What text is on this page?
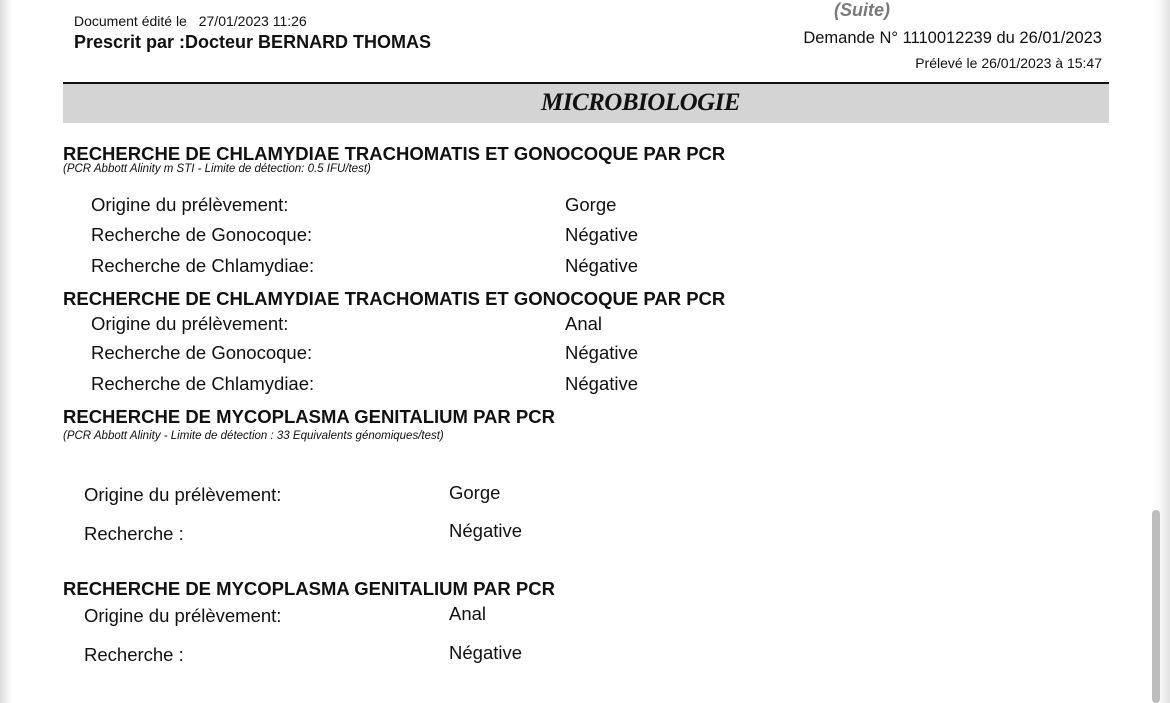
Document édité le 27/01/2023 11:26
Prescrit par :Docteur BERNARD THOMAS
(Suite)
Demande N° 1110012239 du 26/01/2023
Prélevé le 26/01/2023 à 15:47
MICROBIOLOGIE
RECHERCHE DE CHLAMYDIAE TRACHOMATIS ET GONOCOQUE PAR PCR
(PCR Abbott Alinity m STI - Limite de détection: 0.5 IFU/test)
Origine du prélèvement:	Gorge
Recherche de Gonocoque:	Négative
Recherche de Chlamydiae:	Négative
RECHERCHE DE CHLAMYDIAE TRACHOMATIS ET GONOCOQUE PAR PCR
Origine du prélèvement:	Anal
Recherche de Gonocoque:	Négative
Recherche de Chlamydiae:	Négative
RECHERCHE DE MYCOPLASMA GENITALIUM PAR PCR
(PCR Abbott Alinity - Limite de détection : 33 Equivalents génomiques/test)
Origine du prélèvement:	Gorge
Recherche :	Négative
RECHERCHE DE MYCOPLASMA GENITALIUM PAR PCR
Origine du prélèvement:	Anal
Recherche :	Négative
